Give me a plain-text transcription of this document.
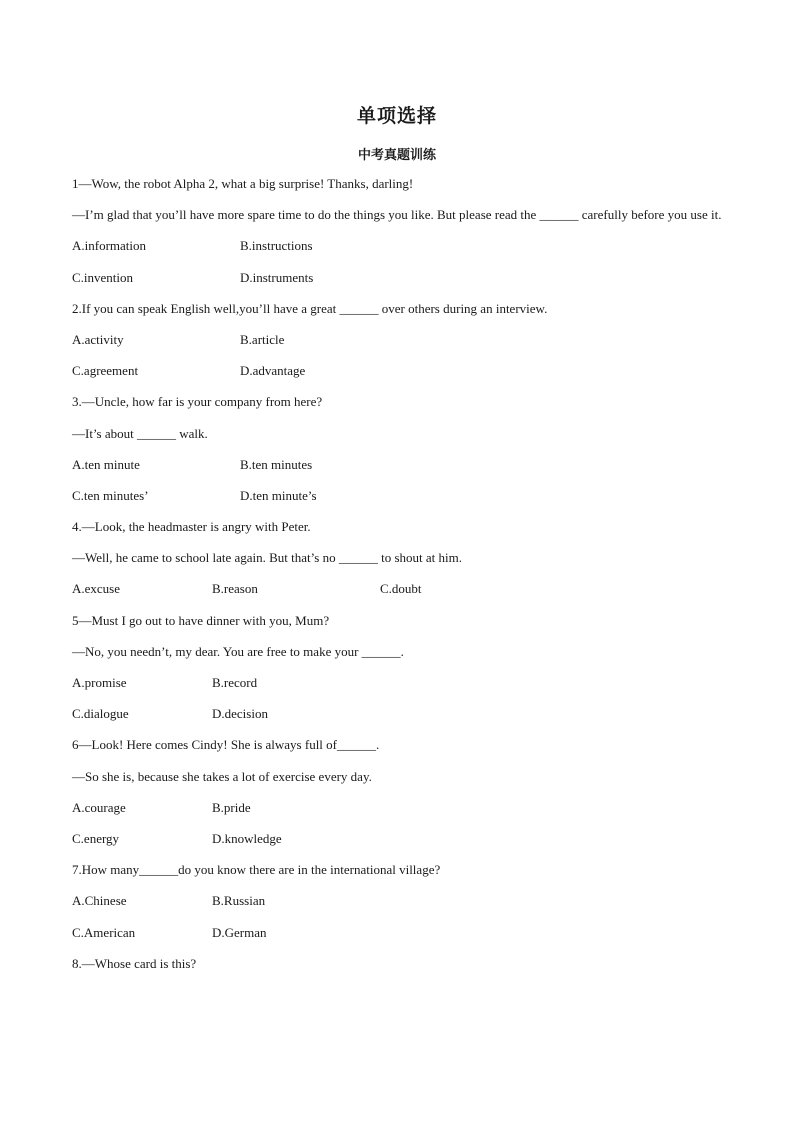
单项选择
中考真题训练
1—Wow, the robot Alpha 2, what a big surprise! Thanks, darling!
—I’m glad that you’ll have more spare time to do the things you like. But please read the ______ carefully before you use it.
A.information	B.instructions
C.invention	D.instruments
2.If you can speak English well,you’ll have a great ______ over others during an interview.
A.activity	B.article
C.agreement	D.advantage
3.—Uncle, how far is your company from here?
—It’s about ______ walk.
A.ten minute	B.ten minutes
C.ten minutes’	D.ten minute’s
4.—Look, the headmaster is angry with Peter.
—Well, he came to school late again. But that’s no ______ to shout at him.
A.excuse	B.reason	C.doubt
5—Must I go out to have dinner with you, Mum?
—No, you needn’t, my dear. You are free to make your ______.
A.promise	B.record
C.dialogue	D.decision
6—Look! Here comes Cindy! She is always full of______.
—So she is, because she takes a lot of exercise every day.
A.courage	B.pride
C.energy	D.knowledge
7.How many______do you know there are in the international village?
A.Chinese	B.Russian
C.American	D.German
8.—Whose card is this?
